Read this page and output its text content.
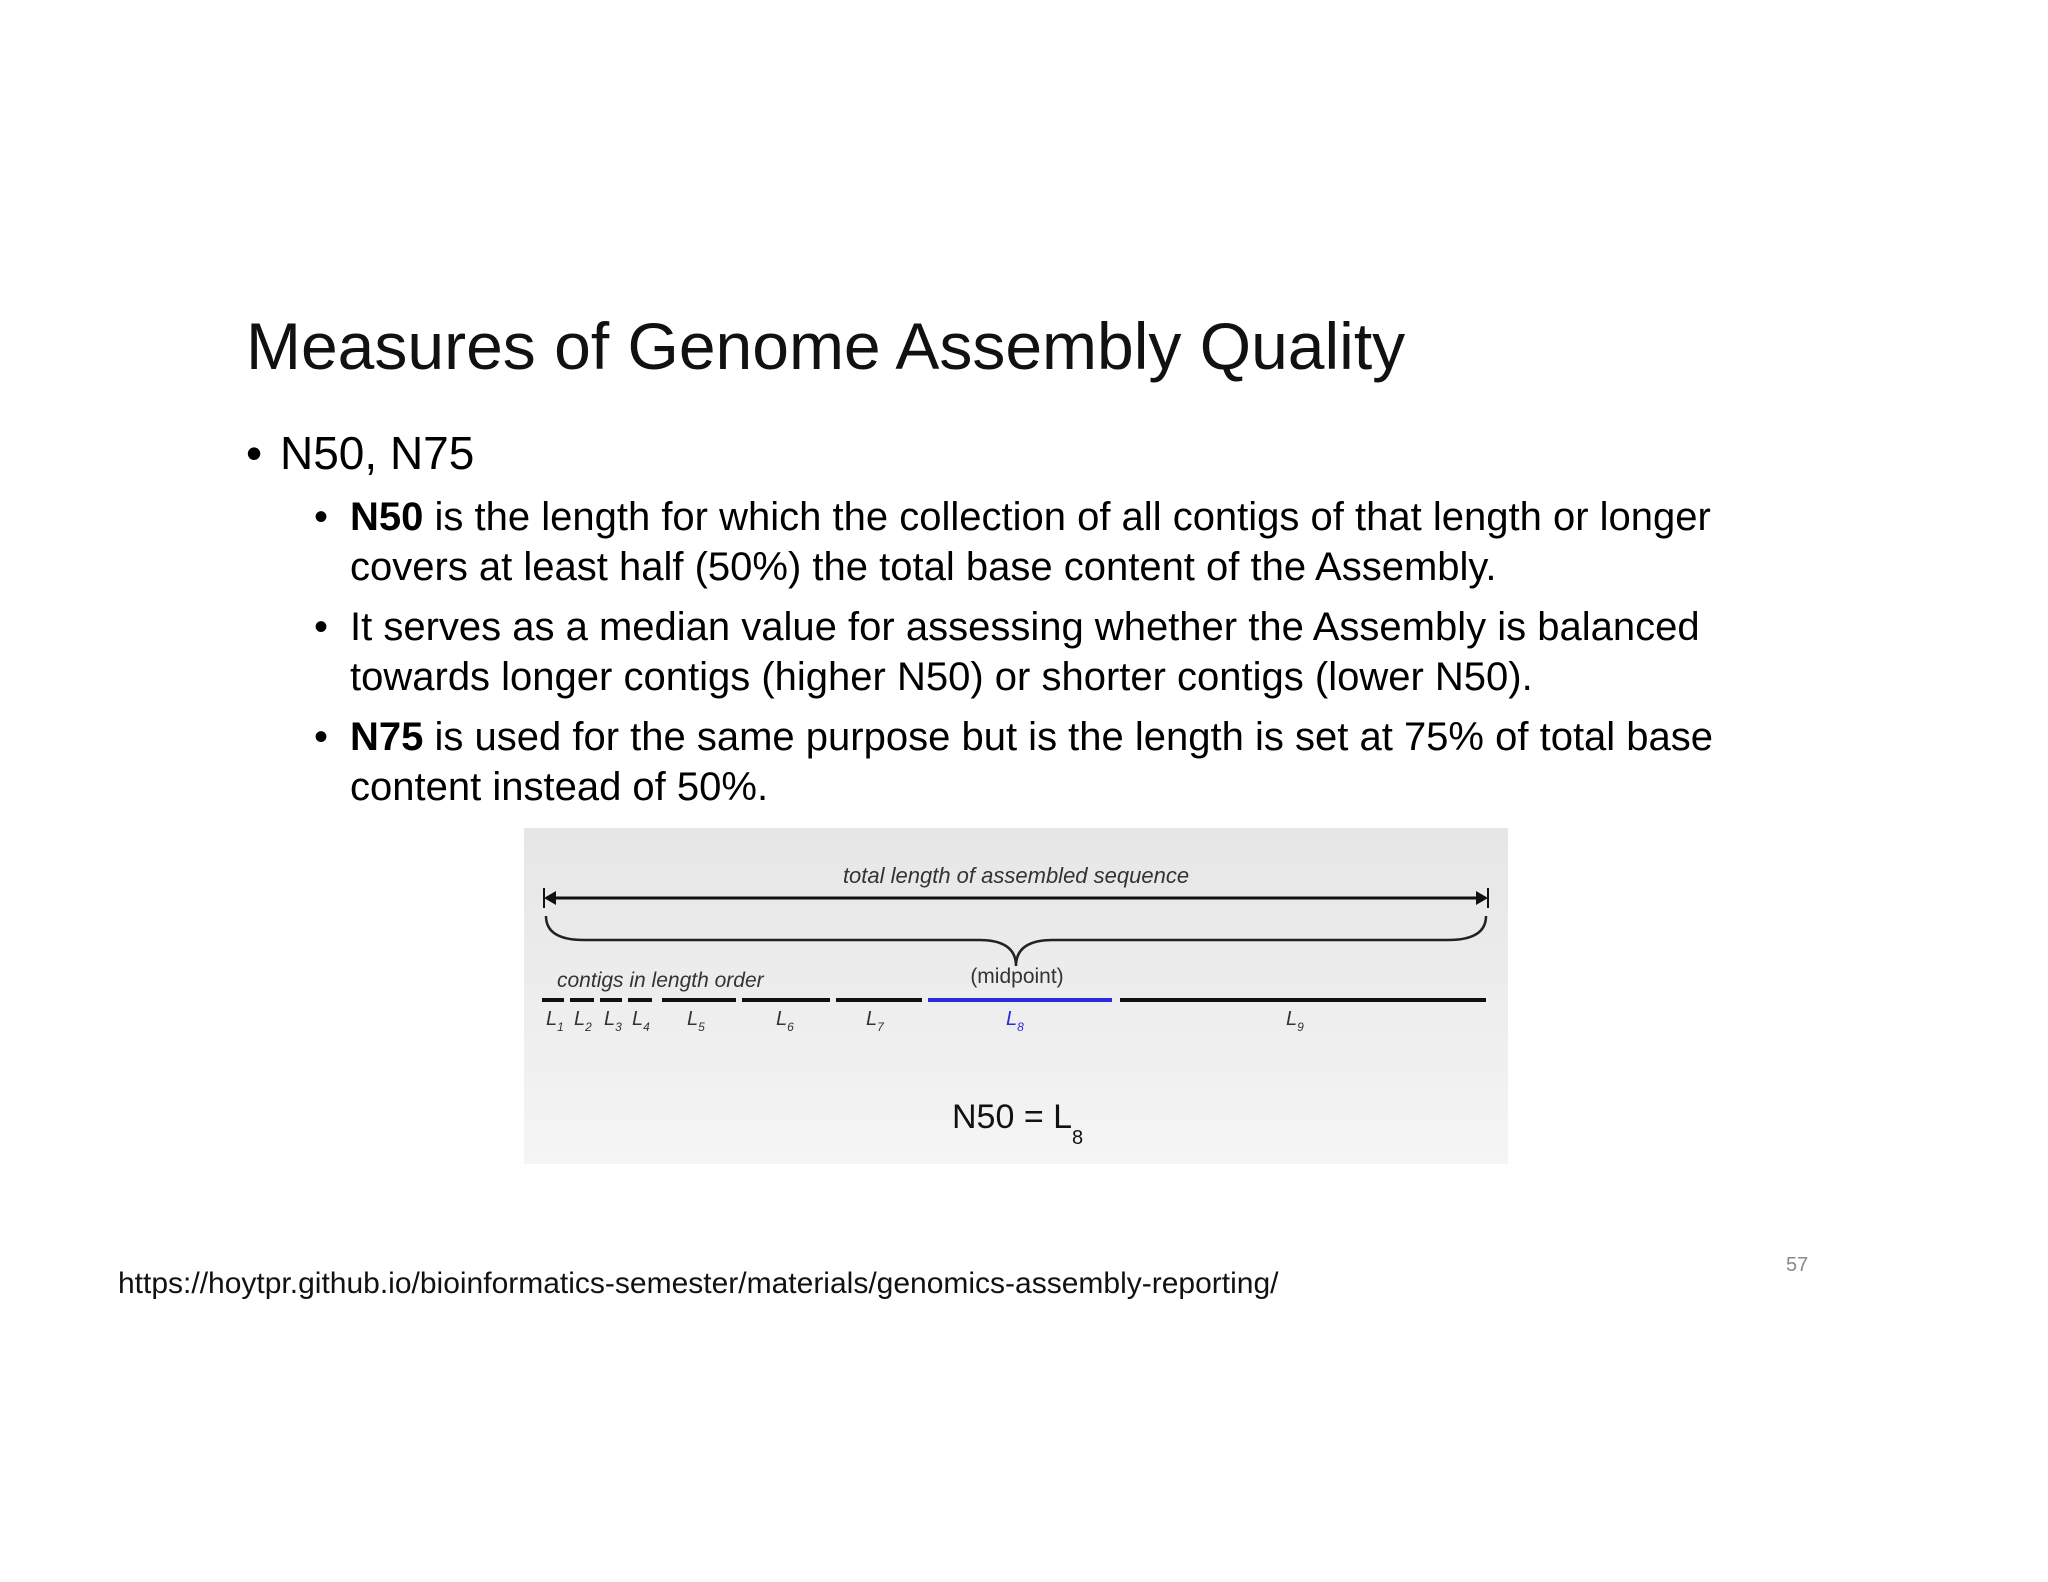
Measures of Genome Assembly Quality
• N50, N75
• N50 is the length for which the collection of all contigs of that length or longer
covers at least half (50%) the total base content of the Assembly.
• It serves as a median value for assessing whether the Assembly is balanced
towards longer contigs (higher N50) or shorter contigs (lower N50).
• N75 is used for the same purpose but is the length is set at 75% of total base
content instead of 50%.
total length of assembled sequence
contigs in length order	(midpoint)
$L_1$ $L_2$ $L_3$ $L_4$ $L_5$	$L_6$	$L_7$	$L_8$	$L_9$
$N50 = L_8$
https://hoytpr.github.io/bioinformatics-semester/materials/genomics-assembly-reporting/
57
